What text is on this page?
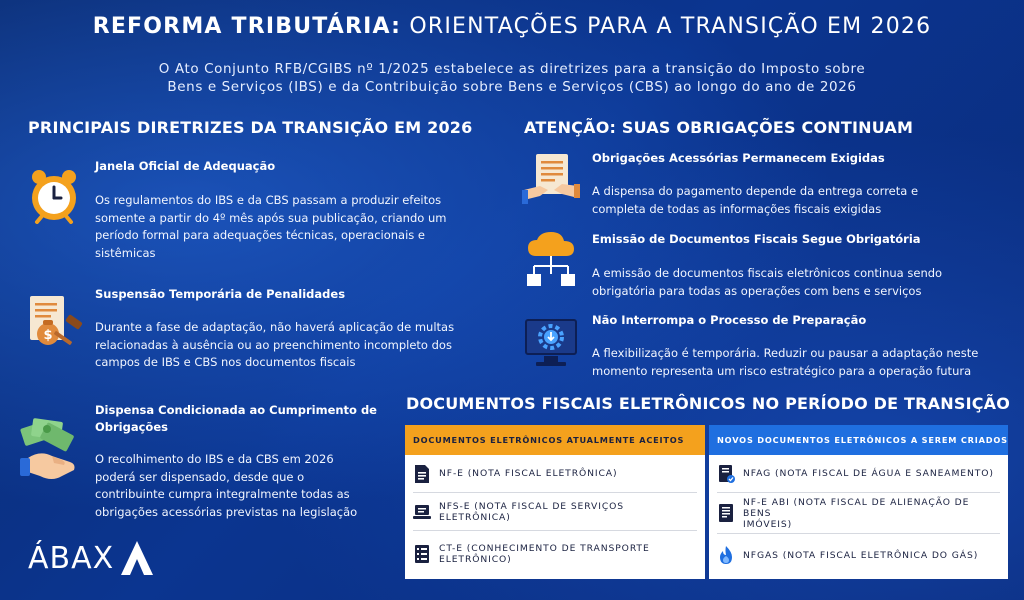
REFORMA TRIBUTÁRIA: ORIENTAÇÕES PARA A TRANSIÇÃO EM 2026
O Ato Conjunto RFB/CGIBS nº 1/2025 estabelece as diretrizes para a transição do Imposto sobre
Bens e Serviços (IBS) e da Contribuição sobre Bens e Serviços (CBS) ao longo do ano de 2026
PRINCIPAIS DIRETRIZES DA TRANSIÇÃO EM 2026
Janela Oficial de Adequação
Os regulamentos do IBS e da CBS passam a produzir efeitos
somente a partir do 4º mês após sua publicação, criando um
período formal para adequações técnicas, operacionais e
sistêmicas
$
Suspensão Temporária de Penalidades
Durante a fase de adaptação, não haverá aplicação de multas
relacionadas à ausência ou ao preenchimento incompleto dos
campos de IBS e CBS nos documentos fiscais
Dispensa Condicionada ao Cumprimento de
Obrigações
O recolhimento do IBS e da CBS em 2026
poderá ser dispensado, desde que o
contribuinte cumpra integralmente todas as
obrigações acessórias previstas na legislação
ATENÇÃO: SUAS OBRIGAÇÕES CONTINUAM
Obrigações Acessórias Permanecem Exigidas
A dispensa do pagamento depende da entrega correta e
completa de todas as informações fiscais exigidas
Emissão de Documentos Fiscais Segue Obrigatória
A emissão de documentos fiscais eletrônicos continua sendo
obrigatória para todas as operações com bens e serviços
Não Interrompa o Processo de Preparação
A flexibilização é temporária. Reduzir ou pausar a adaptação neste
momento representa um risco estratégico para a operação futura
DOCUMENTOS FISCAIS ELETRÔNICOS NO PERÍODO DE TRANSIÇÃO
DOCUMENTOS ELETRÔNICOS ATUALMENTE ACEITOS
NF-E (NOTA FISCAL ELETRÔNICA)
NFS-E (NOTA FISCAL DE SERVIÇOS ELETRÔNICA)
CT-E (CONHECIMENTO DE TRANSPORTE
ELETRÔNICO)
NOVOS DOCUMENTOS ELETRÔNICOS A SEREM CRIADOS
NFAG (NOTA FISCAL DE ÁGUA E SANEAMENTO)
NF-E ABI (NOTA FISCAL DE ALIENAÇÃO DE BENS
IMÓVEIS)
NFGAS (NOTA FISCAL ELETRÔNICA DO GÁS)
ÁBAX
